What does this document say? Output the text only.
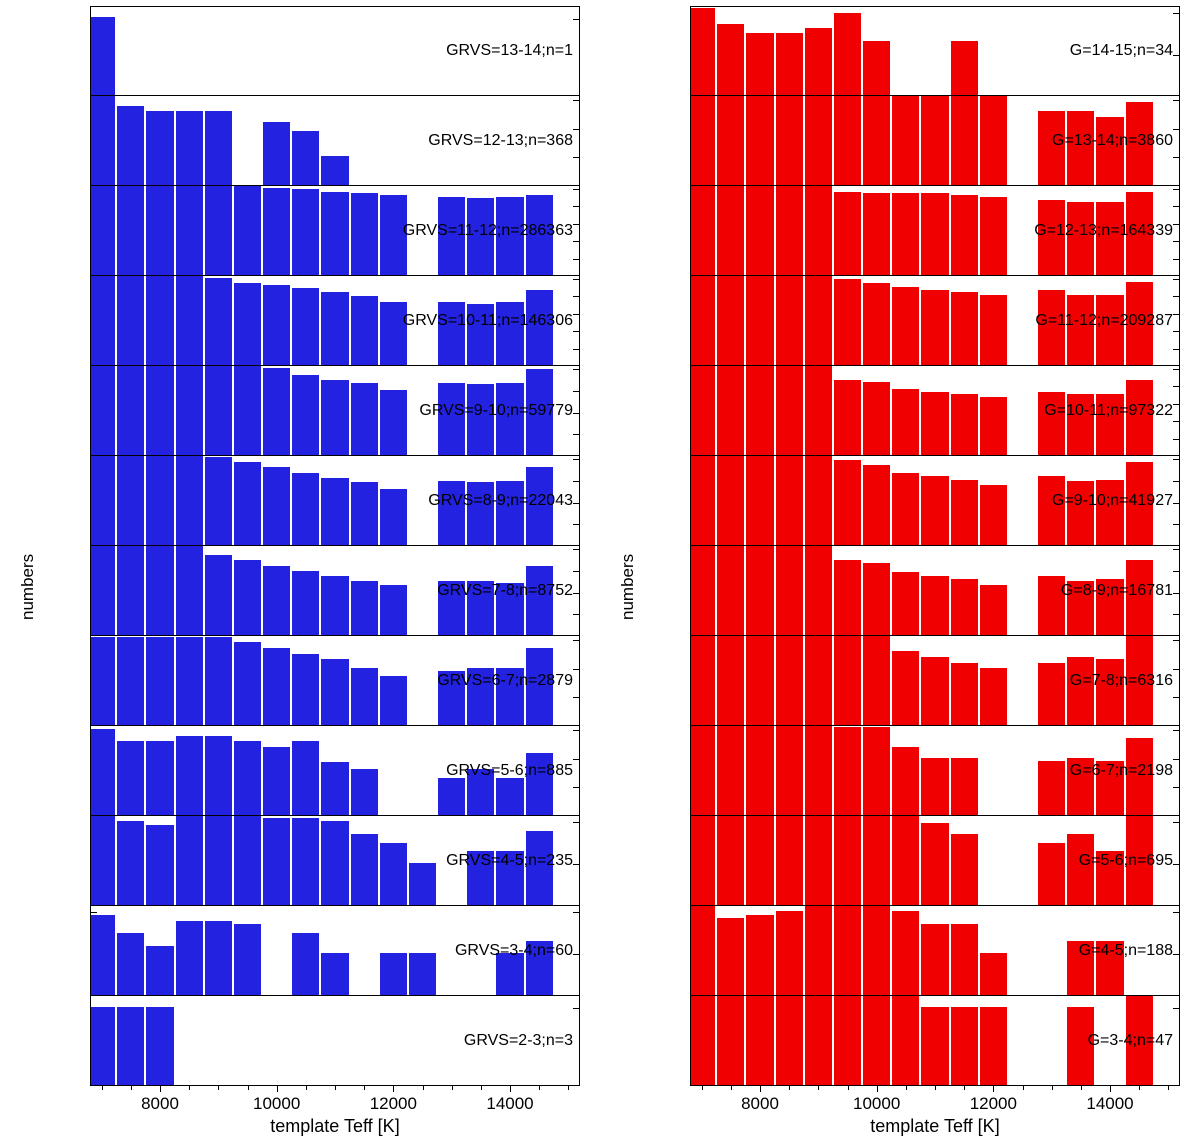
numbers
GRVS=13-14;n=1
GRVS=12-13;n=368
GRVS=11-12;n=286363
GRVS=10-11;n=146306
GRVS=9-10;n=59779
GRVS=8-9;n=22043
GRVS=7-8;n=8752
GRVS=6-7;n=2879
GRVS=5-6;n=885
GRVS=4-5;n=235
GRVS=3-4;n=60
GRVS=2-3;n=3
template Teff [K]
8000	10000	12000	14000
numbers
G=14-15;n=34
G=13-14;n=3860
G=12-13;n=164339
G=11-12;n=209287
G=10-11;n=97322
G=9-10;n=41927
G=8-9;n=16781
G=7-8;n=6316
G=6-7;n=2198
G=5-6;n=695
G=4-5;n=188
G=3-4;n=47
template Teff [K]
8000	10000	12000	14000
